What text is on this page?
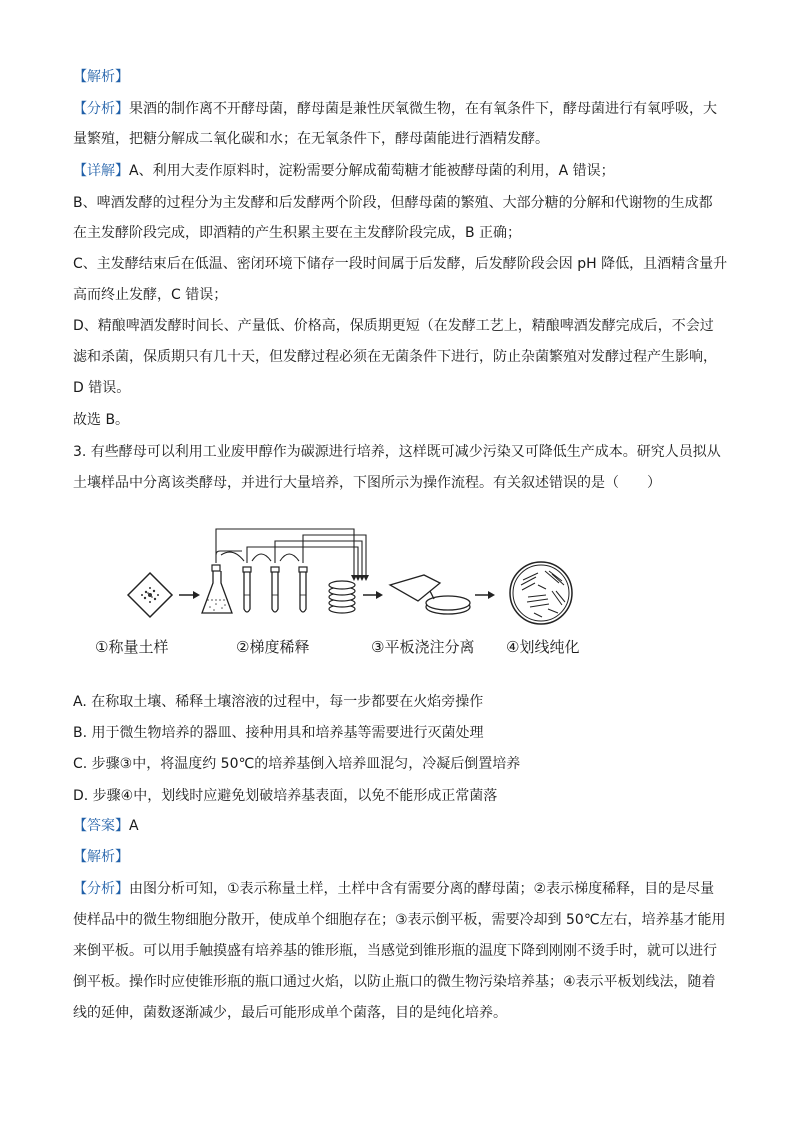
【解析】
【分析】果酒的制作离不开酵母菌，酵母菌是兼性厌氧微生物，在有氧条件下，酵母菌进行有氧呼吸，大
量繁殖，把糖分解成二氧化碳和水；在无氧条件下，酵母菌能进行酒精发酵。
【详解】A、利用大麦作原料时，淀粉需要分解成葡萄糖才能被酵母菌的利用，A 错误；
B、啤酒发酵的过程分为主发酵和后发酵两个阶段，但酵母菌的繁殖、大部分糖的分解和代谢物的生成都
在主发酵阶段完成，即酒精的产生积累主要在主发酵阶段完成，B 正确；
C、主发酵结束后在低温、密闭环境下储存一段时间属于后发酵，后发酵阶段会因 pH 降低，且酒精含量升
高而终止发酵，C 错误；
D、精酿啤酒发酵时间长、产量低、价格高，保质期更短（在发酵工艺上，精酿啤酒发酵完成后，不会过
滤和杀菌，保质期只有几十天，但发酵过程必须在无菌条件下进行，防止杂菌繁殖对发酵过程产生影响，
D 错误。
故选 B。
3. 有些酵母可以利用工业废甲醇作为碳源进行培养，这样既可减少污染又可降低生产成本。研究人员拟从
土壤样品中分离该类酵母，并进行大量培养，下图所示为操作流程。有关叙述错误的是（　　）
①称量土样	②梯度稀释	③平板浇注分离 ④划线纯化
A. 在称取土壤、稀释土壤溶液的过程中，每一步都要在火焰旁操作
B. 用于微生物培养的器皿、接种用具和培养基等需要进行灭菌处理
C. 步骤③中，将温度约 50℃的培养基倒入培养皿混匀，冷凝后倒置培养
D. 步骤④中，划线时应避免划破培养基表面，以免不能形成正常菌落
【答案】A
【解析】
【分析】由图分析可知，①表示称量土样，土样中含有需要分离的酵母菌；②表示梯度稀释，目的是尽量
使样品中的微生物细胞分散开，使成单个细胞存在；③表示倒平板，需要冷却到 50℃左右，培养基才能用
来倒平板。可以用手触摸盛有培养基的锥形瓶，当感觉到锥形瓶的温度下降到刚刚不烫手时，就可以进行
倒平板。操作时应使锥形瓶的瓶口通过火焰，以防止瓶口的微生物污染培养基；④表示平板划线法，随着
线的延伸，菌数逐渐减少，最后可能形成单个菌落，目的是纯化培养。
